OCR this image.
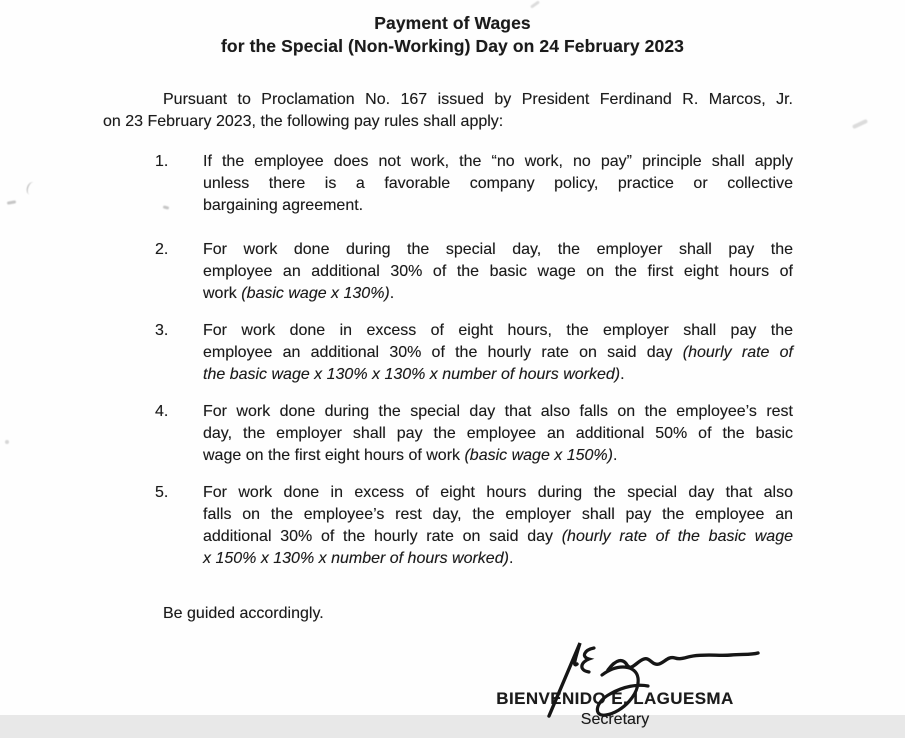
Payment of Wages
for the Special (Non-Working) Day on 24 February 2023
Pursuant to Proclamation No. 167 issued by President Ferdinand R. Marcos, Jr.
on 23 February 2023, the following pay rules shall apply:
1.	If the employee does not work, the “no work, no pay” principle shall apply
unless there is a favorable company policy, practice or collective
bargaining agreement.
2.	For work done during the special day, the employer shall pay the
employee an additional 30% of the basic wage on the first eight hours of
work (basic wage x 130%).
3.	For work done in excess of eight hours, the employer shall pay the
employee an additional 30% of the hourly rate on said day (hourly rate of
the basic wage x 130% x 130% x number of hours worked).
4.	For work done during the special day that also falls on the employee’s rest
day, the employer shall pay the employee an additional 50% of the basic
wage on the first eight hours of work (basic wage x 150%).
5.	For work done in excess of eight hours during the special day that also
falls on the employee’s rest day, the employer shall pay the employee an
additional 30% of the hourly rate on said day (hourly rate of the basic wage
x 150% x 130% x number of hours worked).
Be guided accordingly.
BIENVENIDO E. LAGUESMA
Secretary
